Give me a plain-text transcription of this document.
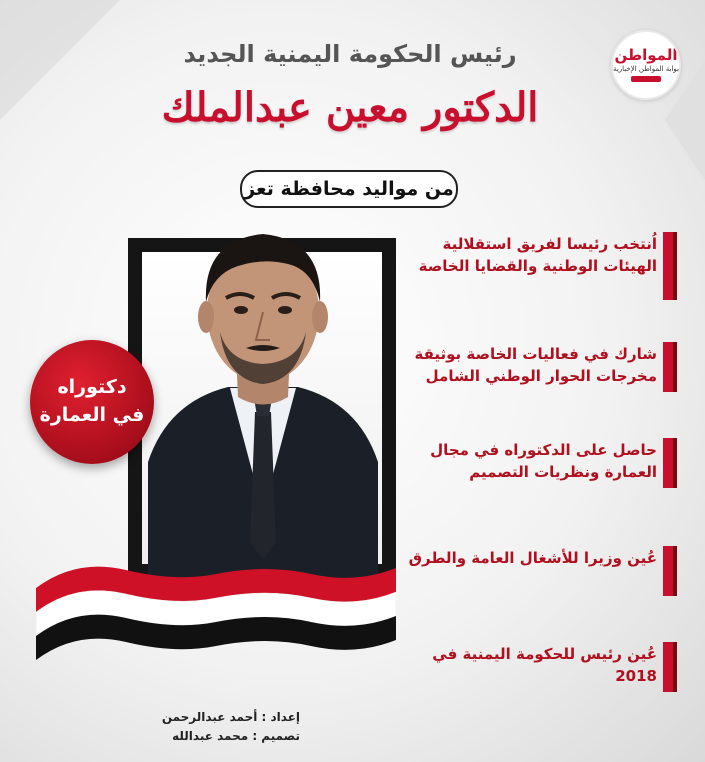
المواطن
بوابة المواطن الإخبارية
رئيس الحكومة اليمنية الجديد
الدكتور معين عبدالملك
من مواليد محافظة تعز
دكتوراه
في العمارة
اُنتخب رئيسا لفريق استقلالية الهيئات الوطنية والقضايا الخاصة
شارك في فعاليات الخاصة بوثيقة مخرجات الحوار الوطني الشامل
حاصل على الدكتوراه في مجال العمارة ونظريات التصميم
عُين وزيرا للأشغال العامة والطرق
عُين رئيس للحكومة اليمنية في 2018
إعداد : أحمد عبدالرحمن
تصميم : محمد عبدالله
